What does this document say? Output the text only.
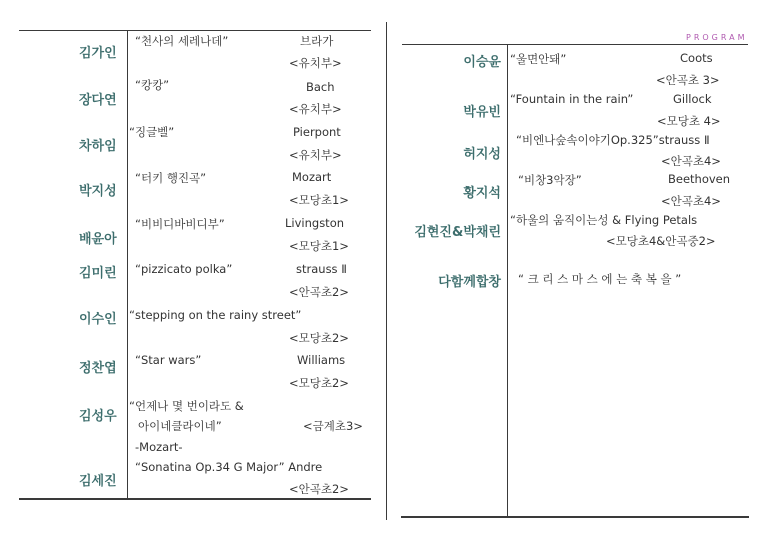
PROGRAM
김가인
“천사의 세레나데”	브라가
<유치부>
장다연
“캉캉”	Bach
<유치부>
차하임
“징글벨”	Pierpont
<유치부>
박지성
“터키 행진곡”	Mozart
<모당초1>
배윤아
“비비디바비디부”	Livingston
<모당초1>
김미린 “pizzicato polka”	strauss Ⅱ
<안곡초2>
이수인 “stepping on the rainy street”
<모당초2>
정찬엽
“Star wars”	Williams
<모당초2>
김성우
“언제나 몇 번이라도 &
아이네클라이네”	<금계초3>
-Mozart-
김세진
“Sonatina Op.34 G Major” Andre
<안곡초2>
이승윤 “울면안돼”	Coots
<안곡초 3>
박유빈
“Fountain in the rain”	Gillock
<모당초 4>
허지성
“비엔나숲속이야기Op.325”strauss Ⅱ
<안곡초4>
황지석
“비창3악장”	Beethoven
<안곡초4>
김현진&박채린
“하울의 움직이는성 & Flying Petals
<모당초4&안곡중2>
다함께합창 “ 크 리 스 마 스 에 는 축 복 을 ”
